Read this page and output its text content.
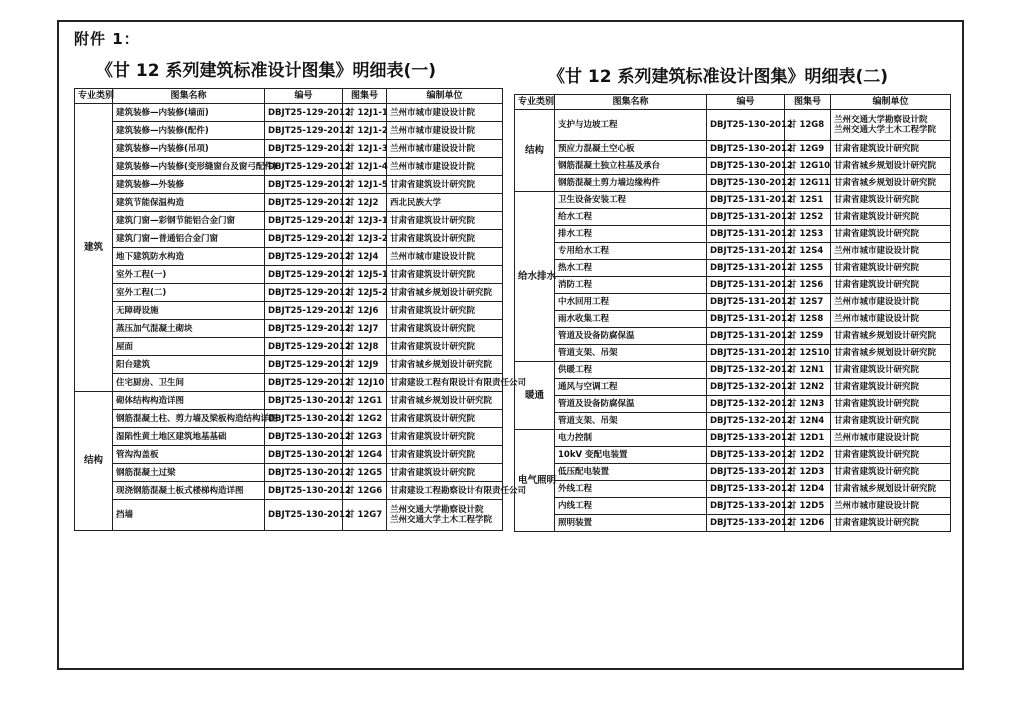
附件 1：
《甘 12 系列建筑标准设计图集》明细表(一)	《甘 12 系列建筑标准设计图集》明细表(二)
专业类别	图集名称	编号	图集号	编制单位
建筑	建筑装修—内装修(墙面)	DBJT25-129-2012	甘 12J1-1	兰州市城市建设设计院
	建筑装修—内装修(配件)	DBJT25-129-2012	甘 12J1-2	兰州市城市建设设计院
	建筑装修—内装修(吊项)	DBJT25-129-2012	甘 12J1-3	兰州市城市建设设计院
	建筑装修—内装修(变形缝窗台及窗弓配件)	DBJT25-129-2012	甘 12J1-4	兰州市城市建设设计院
	建筑装修—外装修	DBJT25-129-2012	甘 12J1-5	甘肃省建筑设计研究院
	建筑节能保温构造	DBJT25-129-2012	甘 12J2	西北民族大学
	建筑门窗—彩钢节能铝合金门窗	DBJT25-129-2012	甘 12J3-1	甘肃省建筑设计研究院
	建筑门窗—普通铝合金门窗	DBJT25-129-2012	甘 12J3-2	甘肃省建筑设计研究院
	地下建筑防水构造	DBJT25-129-2012	甘 12J4	兰州市城市建设设计院
	室外工程(一)	DBJT25-129-2012	甘 12J5-1	甘肃省建筑设计研究院
	室外工程(二)	DBJT25-129-2012	甘 12J5-2	甘肃省城乡规划设计研究院
	无障碍设施	DBJT25-129-2012	甘 12J6	甘肃省建筑设计研究院
	蒸压加气混凝土砌块	DBJT25-129-2012	甘 12J7	甘肃省建筑设计研究院
	屋面	DBJT25-129-2012	甘 12J8	甘肃省建筑设计研究院
	阳台建筑	DBJT25-129-2012	甘 12J9	甘肃省城乡规划设计研究院
	住宅厨房、卫生间	DBJT25-129-2012	甘 12J10	甘肃建设工程有限设计有限责任公司
结构	砌体结构构造详图	DBJT25-130-2012	甘 12G1	甘肃省城乡规划设计研究院
	钢筋混凝土柱、剪力墙及梁板构造结构详图	DBJT25-130-2012	甘 12G2	甘肃省建筑设计研究院
	湿陷性黄土地区建筑地基基础	DBJT25-130-2012	甘 12G3	甘肃省建筑设计研究院
	管沟沟盖板	DBJT25-130-2012	甘 12G4	甘肃省建筑设计研究院
	钢筋混凝土过梁	DBJT25-130-2012	甘 12G5	甘肃省建筑设计研究院
	现浇钢筋混凝土板式楼梯构造详图	DBJT25-130-2012	甘 12G6	甘肃建设工程勘察设计有限责任公司
	挡墙	DBJT25-130-2012	甘 12G7	兰州交通大学勘察设计院
兰州交通大学土木工程学院
专业类别	图集名称	编号	图集号	编制单位
结构	支护与边坡工程	DBJT25-130-2012	甘 12G8	兰州交通大学勘察设计院
兰州交通大学土木工程学院

	预应力混凝土空心板	DBJT25-130-2012	甘 12G9	甘肃省建筑设计研究院
	钢筋混凝土独立柱基及承台	DBJT25-130-2012	甘 12G10	甘肃省城乡规划设计研究院
	钢筋混凝土剪力墙边缘构件	DBJT25-130-2012	甘 12G11	甘肃省城乡规划设计研究院
给水排水	卫生设备安装工程	DBJT25-131-2012	甘 12S1	甘肃省建筑设计研究院
	给水工程	DBJT25-131-2012	甘 12S2	甘肃省建筑设计研究院
	排水工程	DBJT25-131-2012	甘 12S3	甘肃省建筑设计研究院
	专用给水工程	DBJT25-131-2012	甘 12S4	兰州市城市建设设计院
	热水工程	DBJT25-131-2012	甘 12S5	甘肃省建筑设计研究院
	消防工程	DBJT25-131-2012	甘 12S6	甘肃省建筑设计研究院
	中水回用工程	DBJT25-131-2012	甘 12S7	兰州市城市建设设计院
	雨水收集工程	DBJT25-131-2012	甘 12S8	兰州市城市建设设计院
	管道及设备防腐保温	DBJT25-131-2012	甘 12S9	甘肃省城乡规划设计研究院
	管道支架、吊架	DBJT25-131-2012	甘 12S10	甘肃省城乡规划设计研究院
暖通	供暖工程	DBJT25-132-2012	甘 12N1	甘肃省建筑设计研究院
	通风与空调工程	DBJT25-132-2012	甘 12N2	甘肃省建筑设计研究院
	管道及设备防腐保温	DBJT25-132-2012	甘 12N3	甘肃省建筑设计研究院
	管道支架、吊架	DBJT25-132-2012	甘 12N4	甘肃省建筑设计研究院
电气照明	电力控制	DBJT25-133-2012	甘 12D1	兰州市城市建设设计院
	10kV 变配电装置	DBJT25-133-2012	甘 12D2	甘肃省建筑设计研究院
	低压配电装置	DBJT25-133-2012	甘 12D3	甘肃省建筑设计研究院
	外线工程	DBJT25-133-2012	甘 12D4	甘肃省城乡规划设计研究院
	内线工程	DBJT25-133-2012	甘 12D5	兰州市城市建设设计院
	照明装置	DBJT25-133-2012	甘 12D6	甘肃省建筑设计研究院
